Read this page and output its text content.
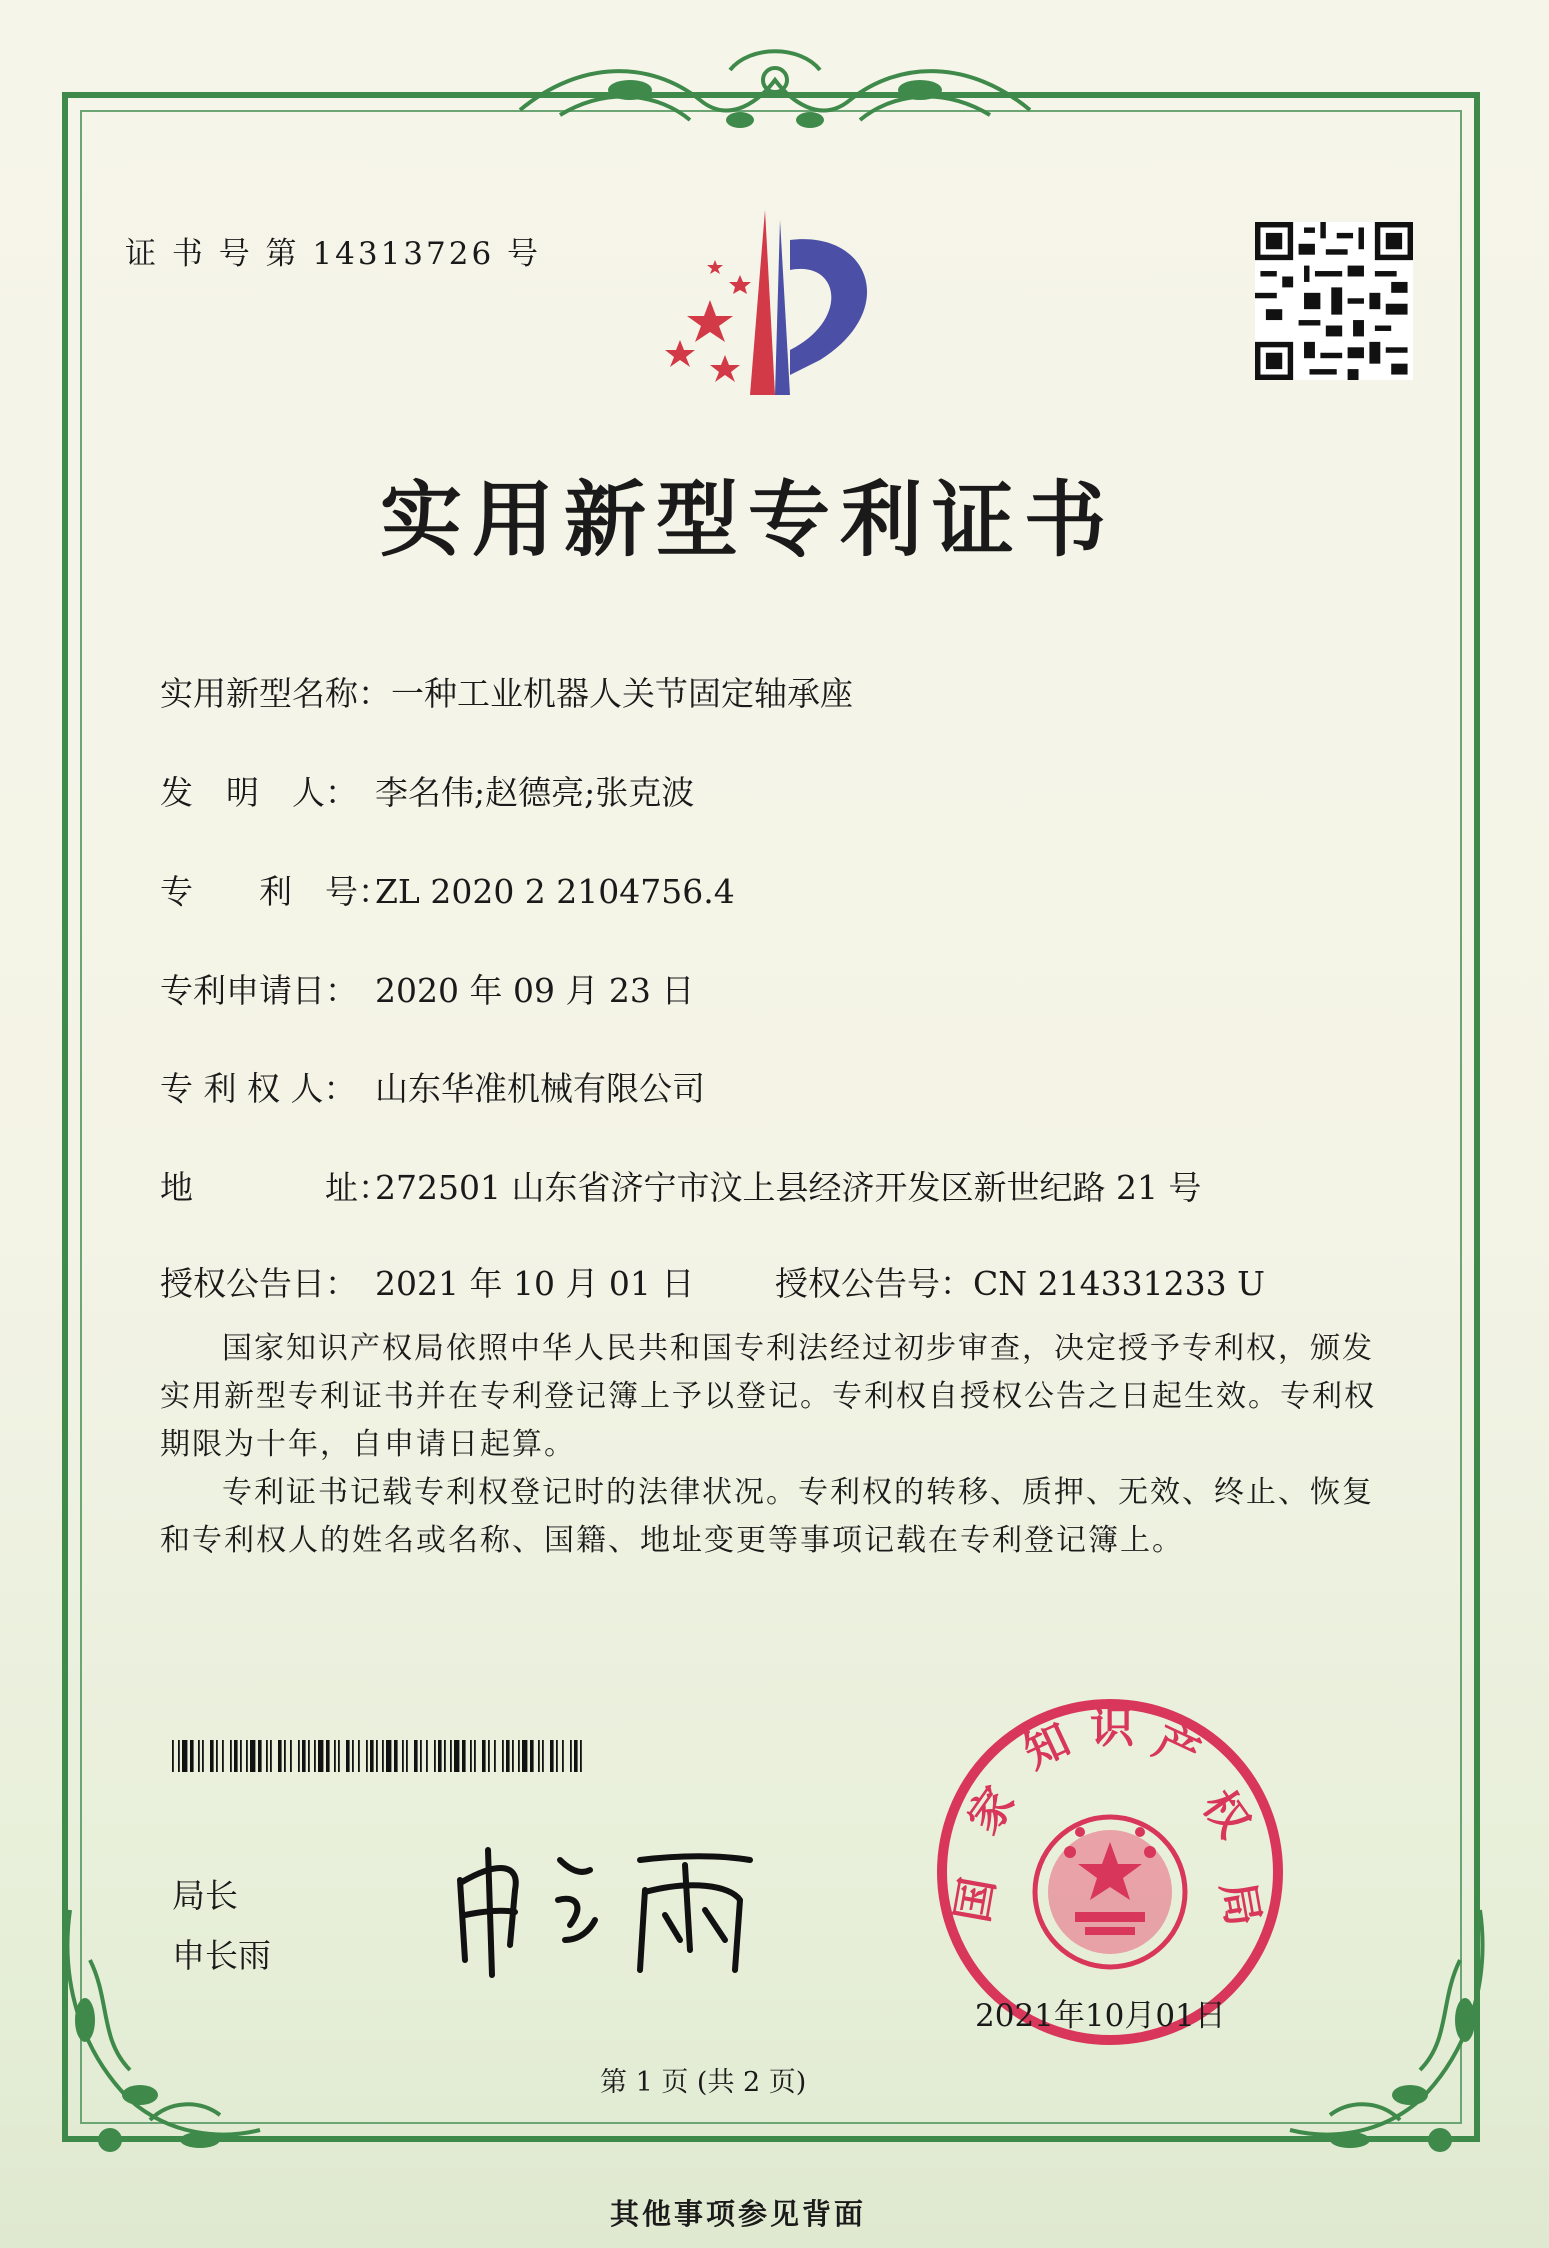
证 书 号 第 14313726 号
实用新型专利证书
实用新型名称：一种工业机器人关节固定轴承座
发　明　人： 李名伟;赵德亮;张克波
专　　利　号：ZL 2020 2 2104756.4
专利申请日： 2020 年 09 月 23 日
专 利 权 人： 山东华准机械有限公司
地　　　　址：272501 山东省济宁市汶上县经济开发区新世纪路 21 号
授权公告日： 2021 年 10 月 01 日 授权公告号：CN 214331233 U

国家知识产权局依照中华人民共和国专利法经过初步审查，决定授予专利权，颁发实用新型专利证书并在专利登记簿上予以登记。专利权自授权公告之日起生效。专利权期限为十年，自申请日起算。

专利证书记载专利权登记时的法律状况。专利权的转移、质押、无效、终止、恢复和专利权人的姓名或名称、国籍、地址变更等事项记载在专利登记簿上。

局长
申长雨
国
家
知 识 产
权
局
2021年10月01日
第 1 页 (共 2 页)
其他事项参见背面
